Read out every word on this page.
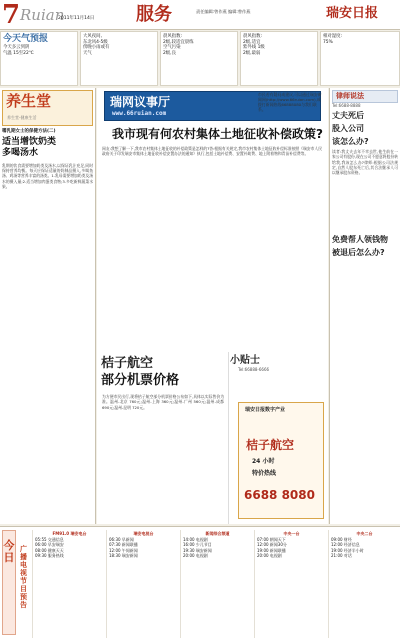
7 Ruian
2011年11月14日 服务	责任编辑:曾作燕 编辑:曾作燕	瑞安日报
今天气预报
今天多云到阴
气温 15至22℃
大风夜间,
东北风4-5级
傍晚小雨或有
天气
晨风指数:
2级,较适宜晨练
空气污染
2级,良
晨风指数:
2级,适宜
紫外线 1级
2级,最弱
相对湿度:
75%
养生堂
养生堂-健康生活
嗜乳期女士的保健方法(二)
适当增饮奶类
多喝汤水
乳期的饮食需要增加奶类及汤水,以保证乳汁充足,同时保持营养均衡。每天应保证适量的奶制品摄入,多喝鱼汤、鸡汤等营养丰富的汤类。1.乳母需要增加奶类及汤水的摄入量;2.适当增加肉蛋类食物;3.多吃新鲜蔬菜水果。
瑞网议事厅
www.66ruian.com
市民若有疑问或建议,可以通过瑞安新闻网(http://www.66ruian.com),或拨打新闻热线66888080与我们联系。
我市现有何农村集体土地征收补偿政策?
网友:我想了解一下,我市农村集体土地征收的补偿政策是怎样的?答:根据有关规定,我市农村集体土地征收补偿标准按照《瑞安市人民政府关于印发瑞安市集体土地征收补偿安置办法的通知》执行,包括土地补偿费、安置补助费、地上附着物和青苗补偿费等。
桔子航空
部分机票价格
为方便市民出行,现将桔子航空部分机票价格公布如下,具体以实际售价为准。温州-北京 760元;温州-上海 360元;温州-广州 560元;温州-成都 690元;温州-昆明 720元。
小贴士
Tel:66888-6666
瑞安日报数字产业
桔子航空
24 小时
特价热线
6688 8080
律师说法
Tel:6688-8888
丈夫死后
股入公司
该怎么办?
读者:我丈夫去年不幸去世,他生前在一家公司有股份,现在公司不愿意将股份转给我,我该怎么办?律师:根据公司法规定,自然人股东死亡后,其合法继承人可以继承股东资格。
免费帮人领钱物
被退后怎么办?
今日
广播电视节目预告
FM91.0 瑞安电台
05:55 交通信息
06:00 早安瑞安
08:00 健康天天
09:30 服务热线
瑞安电视台
06:30 早新闻
07:30 新闻联播
12:00 午间新闻
18:30 瑞安新闻
新闻综合频道
14:00 电视剧
16:00 少儿节目
19:30 瑞安新闻
20:00 电视剧
中央一台
07:00 朝闻天下
12:00 新闻30分
19:00 新闻联播
20:00 电视剧
中央二台
09:00 财经
12:00 经济信息
19:00 经济半小时
21:00 对话
